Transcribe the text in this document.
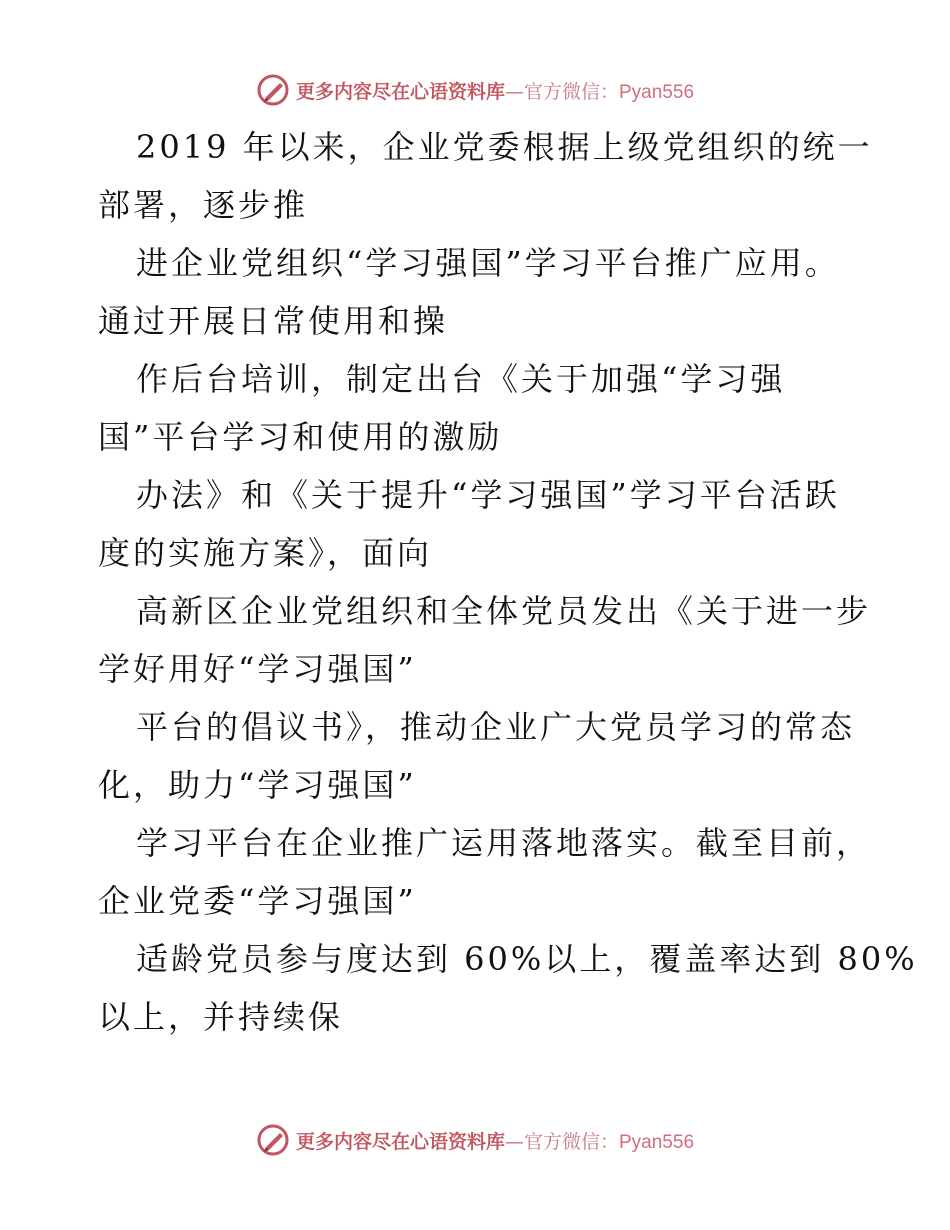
更多内容尽在心语资料库—官方微信：Pyan556
2019 年以来，企业党委根据上级党组织的统一
部署，逐步推
进企业党组织“学习强国”学习平台推广应用。
通过开展日常使用和操
作后台培训，制定出台《关于加强“学习强
国”平台学习和使用的激励
办法》和《关于提升“学习强国”学习平台活跃
度的实施方案》，面向
高新区企业党组织和全体党员发出《关于进一步
学好用好“学习强国”
平台的倡议书》，推动企业广大党员学习的常态
化，助力“学习强国”
学习平台在企业推广运用落地落实。截至目前，
企业党委“学习强国”
适龄党员参与度达到 60%以上，覆盖率达到 80%
以上，并持续保
更多内容尽在心语资料库—官方微信：Pyan556
